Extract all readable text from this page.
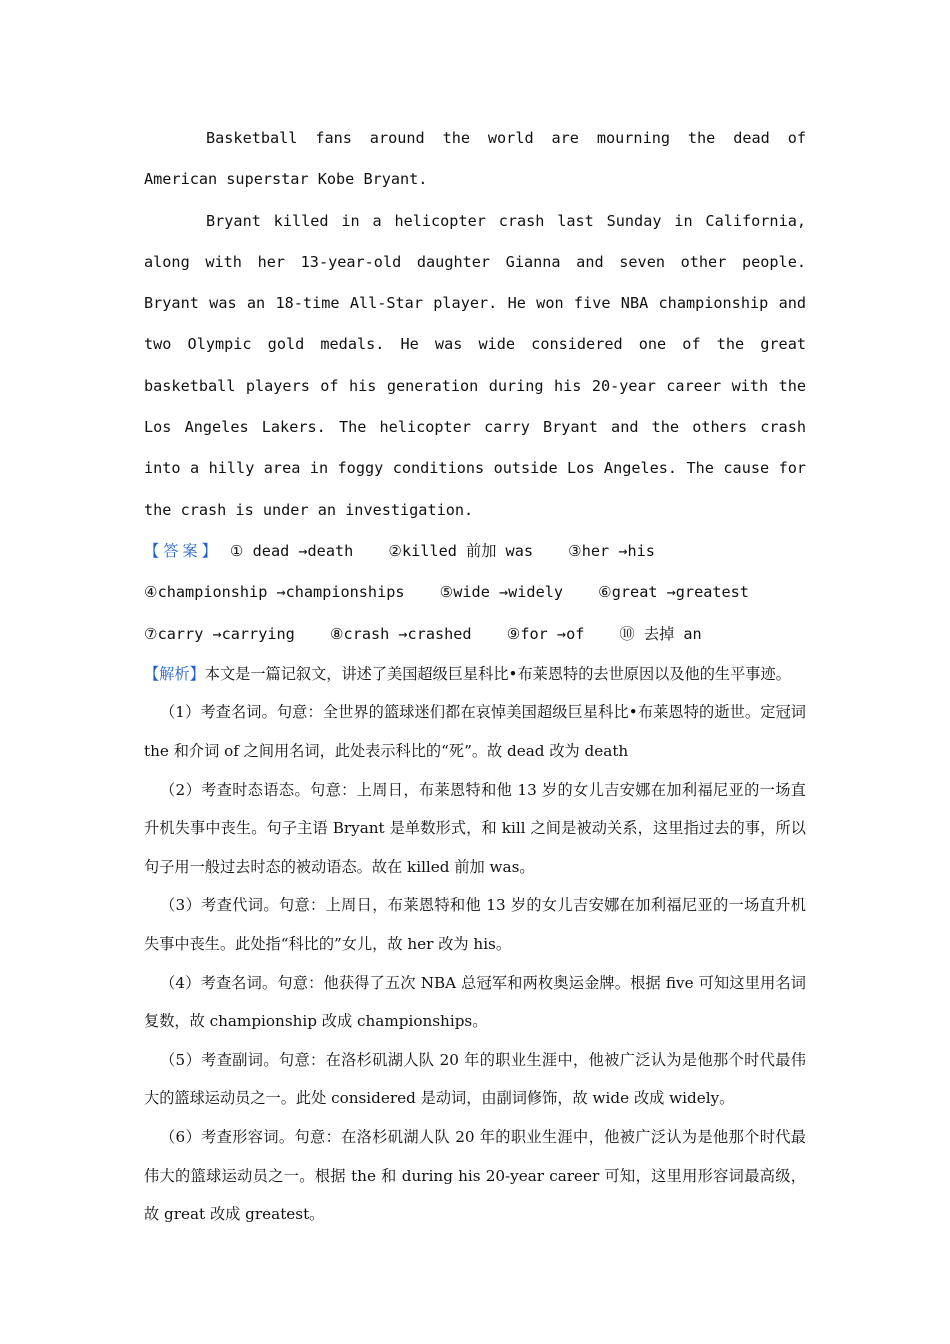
Basketball fans around the world are mourning the dead of American superstar Kobe Bryant.

Bryant killed in a helicopter crash last Sunday in California, along with her 13-year-old daughter Gianna and seven other people. Bryant was an 18-time All-Star player. He won five NBA championship and two Olympic gold medals. He was wide considered one of the great basketball players of his generation during his 20-year career with the Los Angeles Lakers. The helicopter carry Bryant and the others crash into a hilly area in foggy conditions outside Los Angeles. The cause for the crash is under an investigation.

【答案】 ① dead →death ②killed 前加 was ③her →his ④championship →championships ⑤wide →widely ⑥great →greatest ⑦carry →carrying ⑧crash →crashed ⑨for →of ⑩ 去掉 an

【解析】本文是一篇记叙文，讲述了美国超级巨星科比•布莱恩特的去世原因以及他的生平事迹。

（1）考查名词。句意：全世界的篮球迷们都在哀悼美国超级巨星科比•布莱恩特的逝世。定冠词 the 和介词 of 之间用名词，此处表示科比的“死”。故 dead 改为 death

（2）考查时态语态。句意：上周日，布莱恩特和他 13 岁的女儿吉安娜在加利福尼亚的一场直升机失事中丧生。句子主语 Bryant 是单数形式，和 kill 之间是被动关系，这里指过去的事，所以句子用一般过去时态的被动语态。故在 killed 前加 was。

（3）考查代词。句意：上周日，布莱恩特和他 13 岁的女儿吉安娜在加利福尼亚的一场直升机失事中丧生。此处指“科比的”女儿，故 her 改为 his。

（4）考查名词。句意：他获得了五次 NBA 总冠军和两枚奥运金牌。根据 five 可知这里用名词复数，故 championship 改成 championships。

（5）考查副词。句意：在洛杉矶湖人队 20 年的职业生涯中，他被广泛认为是他那个时代最伟大的篮球运动员之一。此处 considered 是动词，由副词修饰，故 wide 改成 widely。

（6）考查形容词。句意：在洛杉矶湖人队 20 年的职业生涯中，他被广泛认为是他那个时代最伟大的篮球运动员之一。根据 the 和 during his 20-year career 可知，这里用形容词最高级，故 great 改成 greatest。
